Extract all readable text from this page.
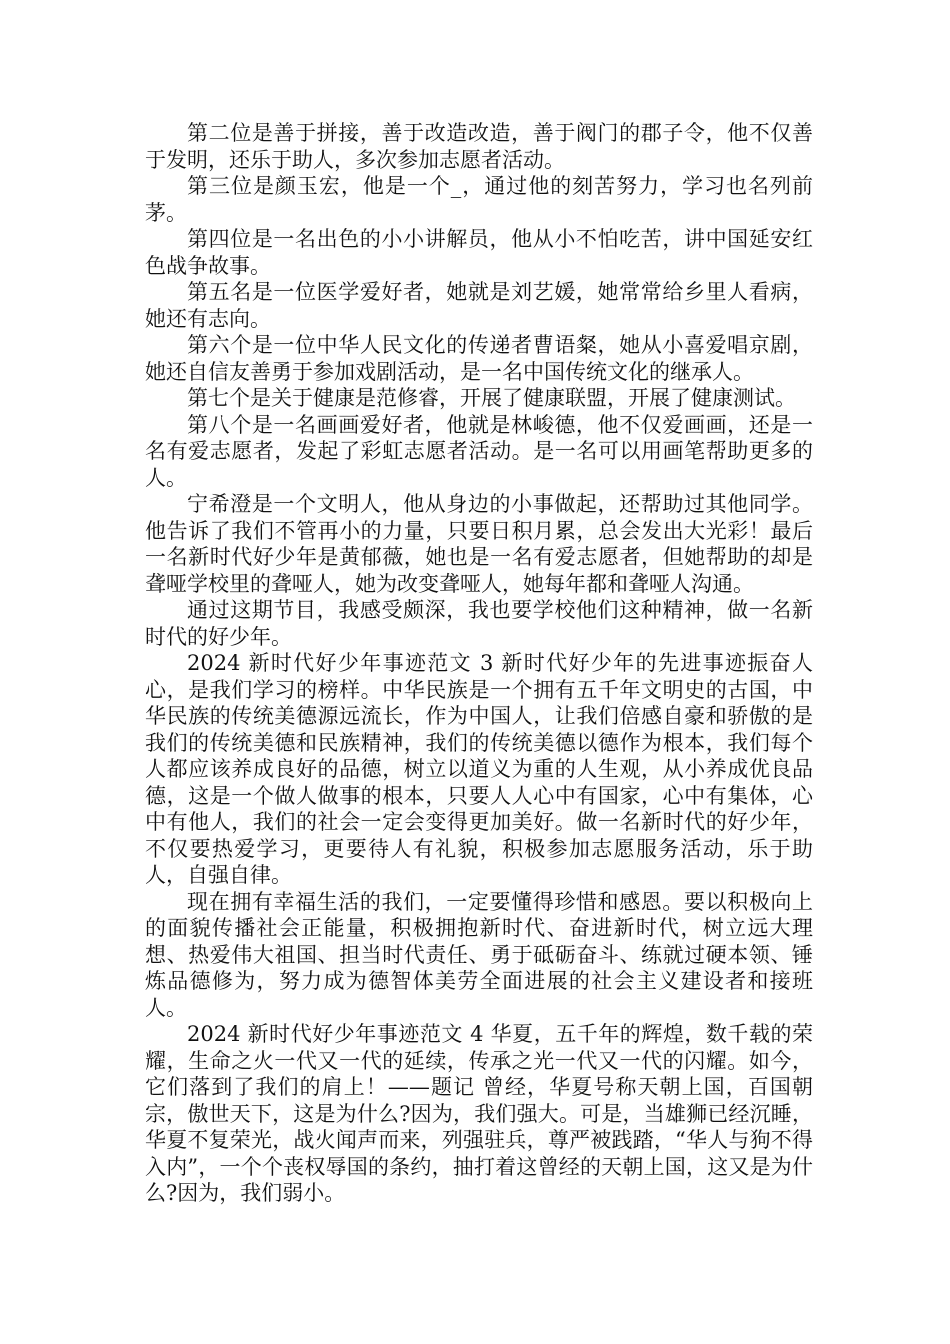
第二位是善于拼接，善于改造改造，善于阀门的郡子令，他不仅善于发明，还乐于助人，多次参加志愿者活动。

第三位是颜玉宏，他是一个_，通过他的刻苦努力，学习也名列前茅。

第四位是一名出色的小小讲解员，他从小不怕吃苦，讲中国延安红色战争故事。

第五名是一位医学爱好者，她就是刘艺媛，她常常给乡里人看病，她还有志向。

第六个是一位中华人民文化的传递者曹语粲，她从小喜爱唱京剧，她还自信友善勇于参加戏剧活动，是一名中国传统文化的继承人。

第七个是关于健康是范修睿，开展了健康联盟，开展了健康测试。

第八个是一名画画爱好者，他就是林峻德，他不仅爱画画，还是一名有爱志愿者，发起了彩虹志愿者活动。是一名可以用画笔帮助更多的人。

宁希澄是一个文明人，他从身边的小事做起，还帮助过其他同学。他告诉了我们不管再小的力量，只要日积月累，总会发出大光彩！最后一名新时代好少年是黄郁薇，她也是一名有爱志愿者，但她帮助的却是聋哑学校里的聋哑人，她为改变聋哑人，她每年都和聋哑人沟通。

通过这期节目，我感受颇深，我也要学校他们这种精神，做一名新时代的好少年。

2024 新时代好少年事迹范文 3 新时代好少年的先进事迹振奋人心，是我们学习的榜样。中华民族是一个拥有五千年文明史的古国，中华民族的传统美德源远流长，作为中国人，让我们倍感自豪和骄傲的是我们的传统美德和民族精神，我们的传统美德以德作为根本，我们每个人都应该养成良好的品德，树立以道义为重的人生观，从小养成优良品德，这是一个做人做事的根本，只要人人心中有国家，心中有集体，心中有他人，我们的社会一定会变得更加美好。做一名新时代的好少年，不仅要热爱学习，更要待人有礼貌，积极参加志愿服务活动，乐于助人，自强自律。

现在拥有幸福生活的我们，一定要懂得珍惜和感恩。要以积极向上的面貌传播社会正能量，积极拥抱新时代、奋进新时代，树立远大理想、热爱伟大祖国、担当时代责任、勇于砥砺奋斗、练就过硬本领、锤炼品德修为，努力成为德智体美劳全面进展的社会主义建设者和接班人。

2024 新时代好少年事迹范文 4 华夏，五千年的辉煌，数千载的荣耀，生命之火一代又一代的延续，传承之光一代又一代的闪耀。如今，它们落到了我们的肩上！——题记 曾经，华夏号称天朝上国，百国朝宗，傲世天下，这是为什么?因为，我们强大。可是，当雄狮已经沉睡，华夏不复荣光，战火闻声而来，列强驻兵，尊严被践踏，“华人与狗不得入内”，一个个丧权辱国的条约，抽打着这曾经的天朝上国，这又是为什么?因为，我们弱小。
